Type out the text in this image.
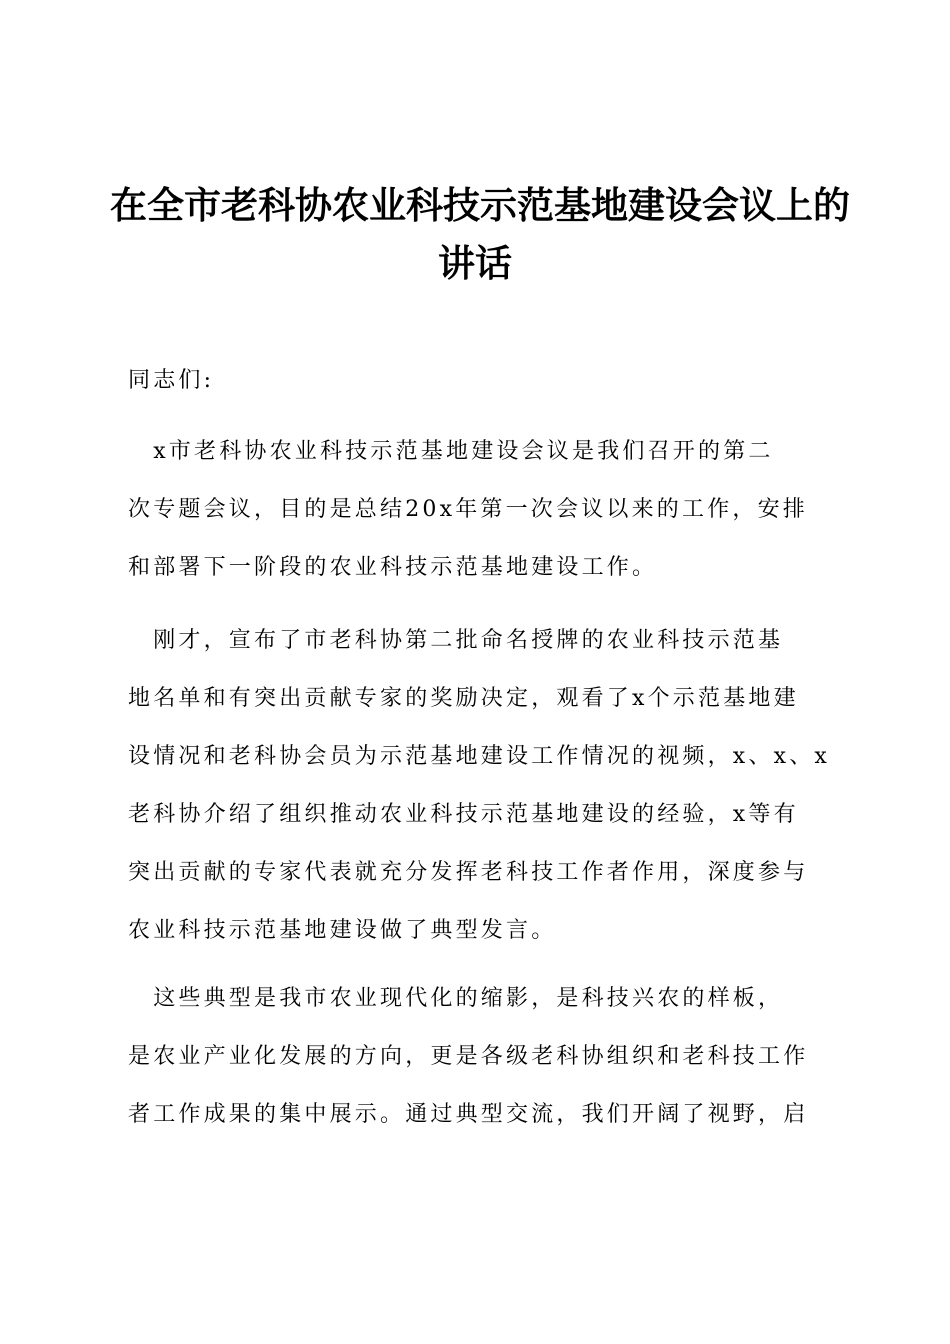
在全市老科协农业科技示范基地建设会议上的
讲话
同志们:
　x市老科协农业科技示范基地建设会议是我们召开的第二
次专题会议，目的是总结20x年第一次会议以来的工作，安排
和部署下一阶段的农业科技示范基地建设工作。
　刚才，宣布了市老科协第二批命名授牌的农业科技示范基
地名单和有突出贡献专家的奖励决定，观看了x个示范基地建
设情况和老科协会员为示范基地建设工作情况的视频，x、x、x
老科协介绍了组织推动农业科技示范基地建设的经验，x等有
突出贡献的专家代表就充分发挥老科技工作者作用，深度参与
农业科技示范基地建设做了典型发言。
　这些典型是我市农业现代化的缩影，是科技兴农的样板，
是农业产业化发展的方向，更是各级老科协组织和老科技工作
者工作成果的集中展示。通过典型交流，我们开阔了视野，启
